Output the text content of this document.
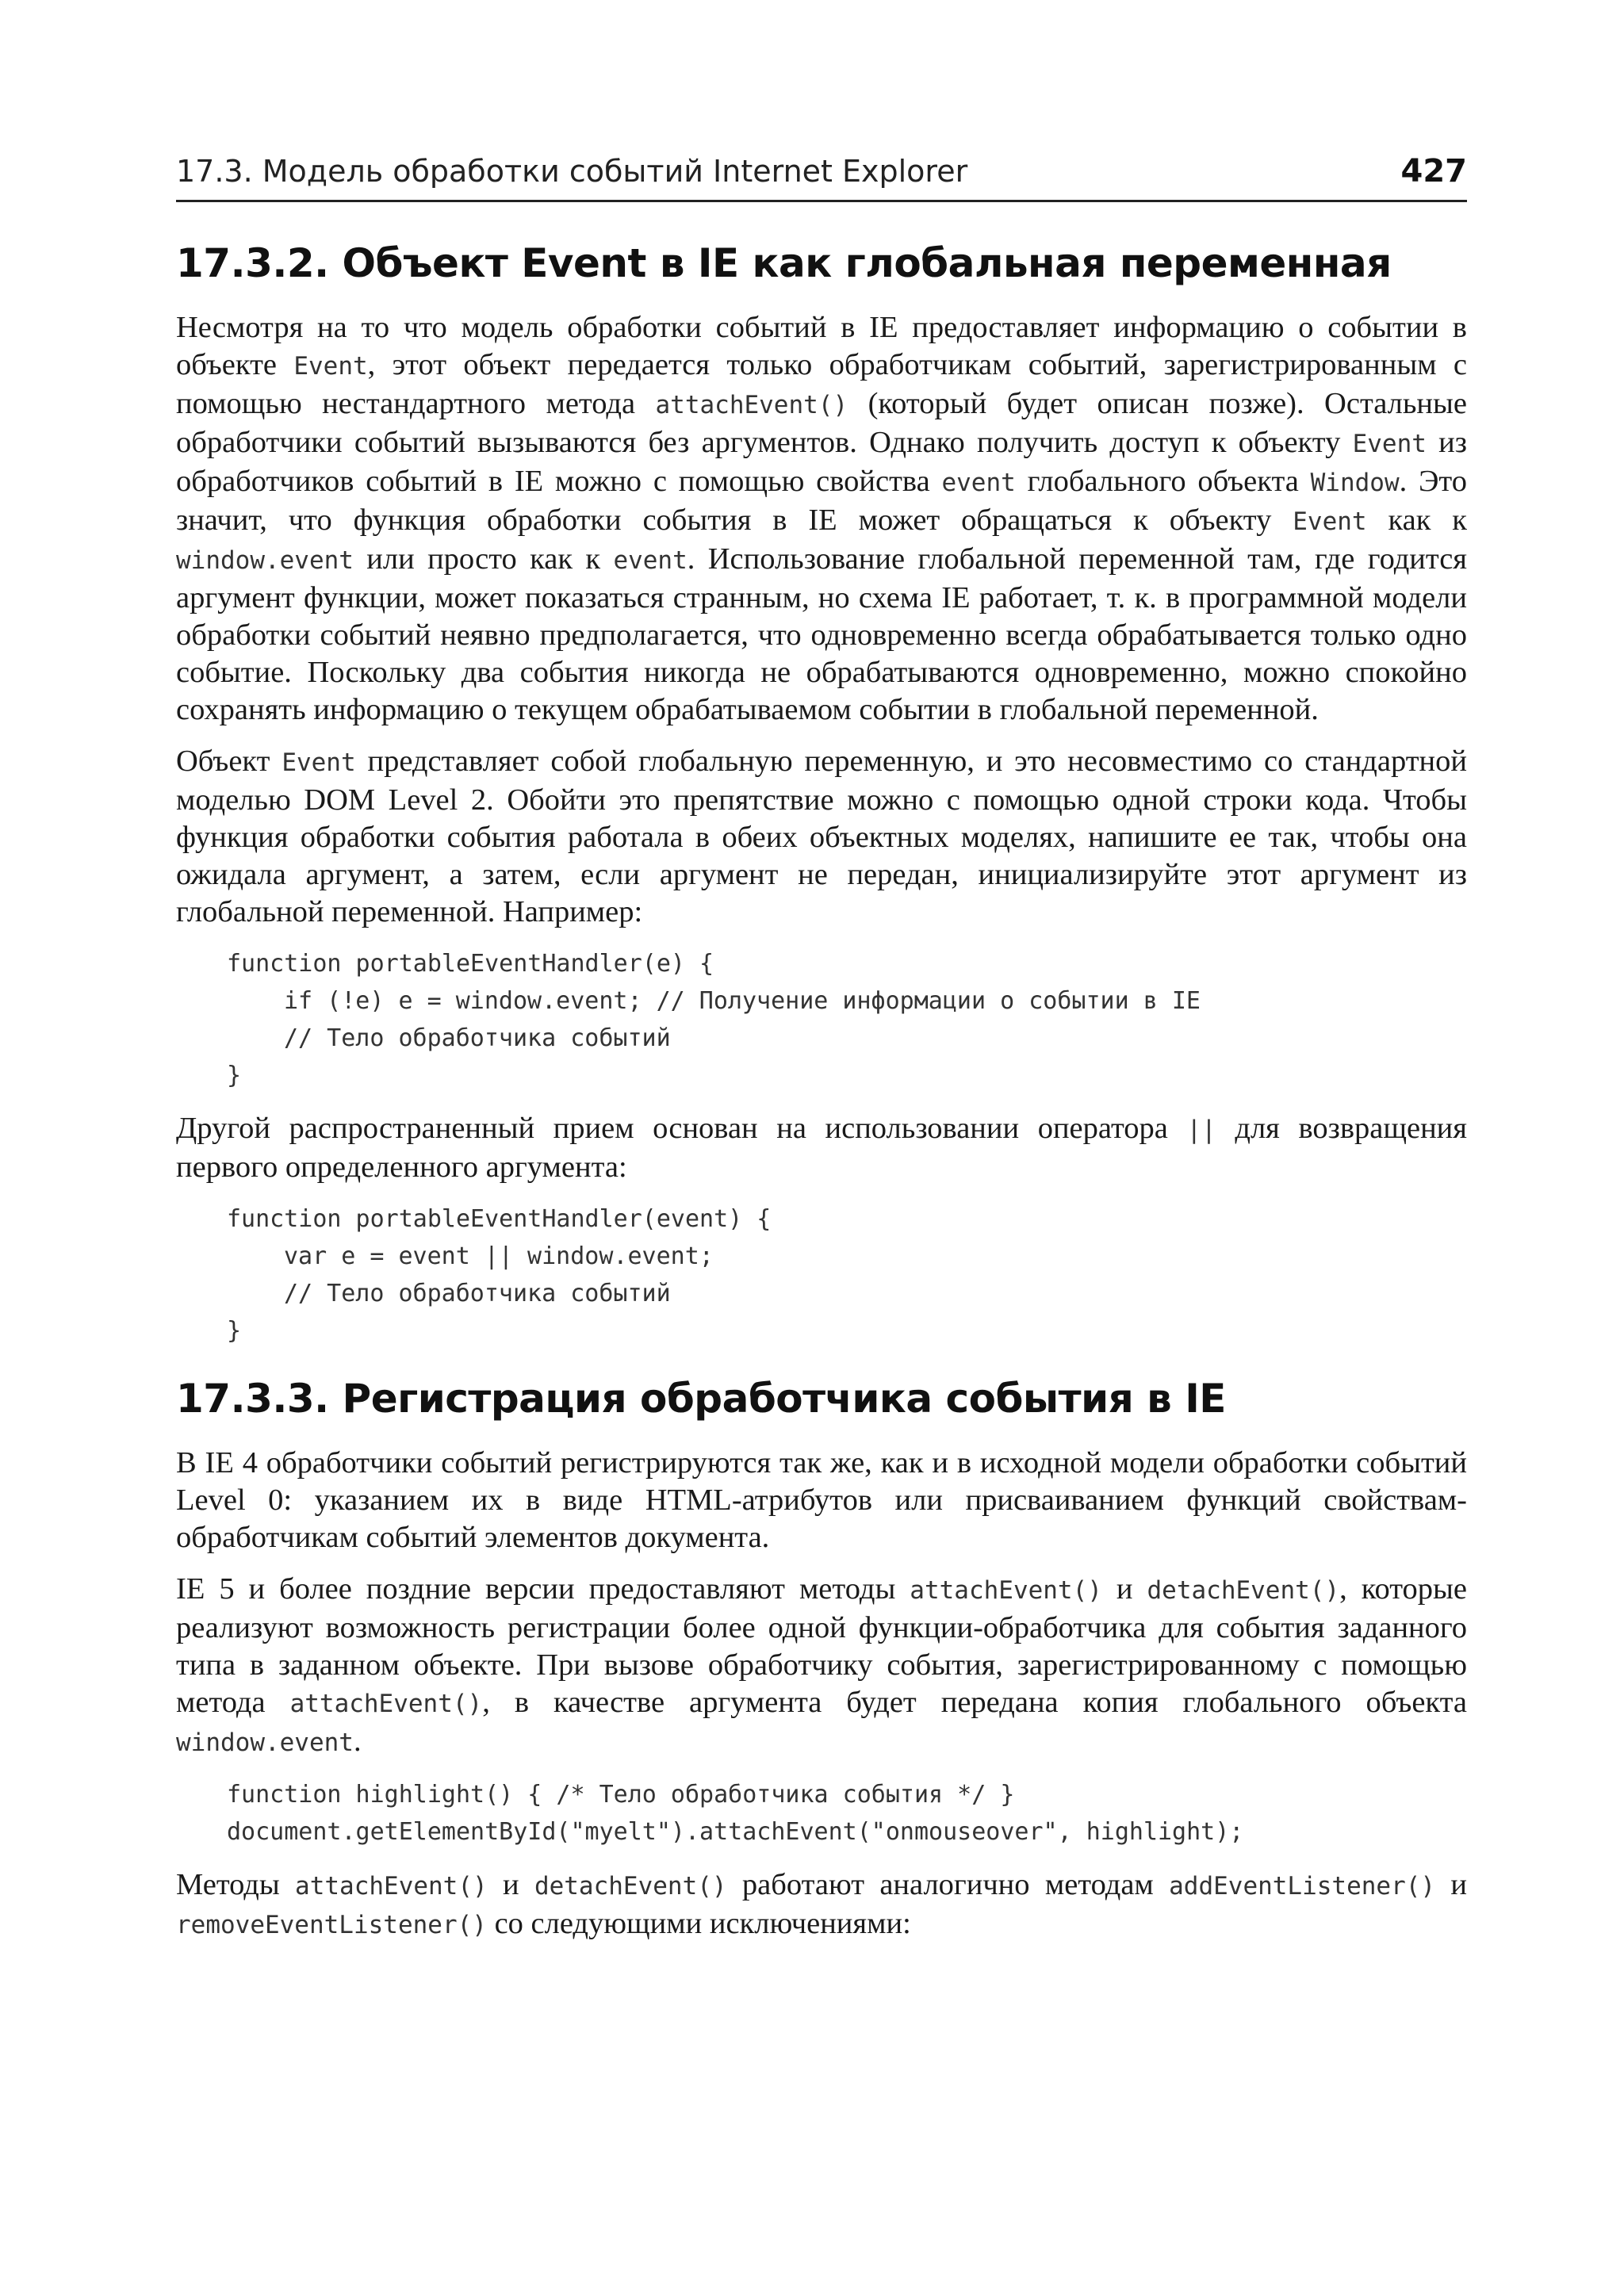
17.3. Модель обработки событий Internet Explorer	427
17.3.2. Объект Event в IE как глобальная переменная

Несмотря на то что модель обработки событий в IE предоставляет информацию о событии в объекте Event, этот объект передается только обработчикам событий, зарегистрированным с помощью нестандартного метода attachEvent() (который будет описан позже). Остальные обработчики событий вызываются без аргументов. Однако получить доступ к объекту Event из обработчиков событий в IE можно с помощью свойства event глобального объекта Window. Это значит, что функция обработки события в IE может обращаться к объекту Event как к window.event или просто как к event. Использование глобальной переменной там, где годится аргумент функции, может показаться странным, но схема IE работает, т. к. в программной модели обработки событий неявно предполагается, что одновременно всегда обрабатывается только одно событие. Поскольку два события никогда не обрабатываются одновременно, можно спокойно сохранять информацию о текущем обрабатываемом событии в глобальной переменной.

Объект Event представляет собой глобальную переменную, и это несовместимо со стандартной моделью DOM Level 2. Обойти это препятствие можно с помощью одной строки кода. Чтобы функция обработки события работала в обеих объектных моделях, напишите ее так, чтобы она ожидала аргумент, а затем, если аргумент не передан, инициализируйте этот аргумент из глобальной переменной. Например:

function portableEventHandler(e) {
if (!e) e = window.event; // Получение информации о событии в IE
// Тело обработчика событий
}

Другой распространенный прием основан на использовании оператора || для возвращения первого определенного аргумента:

function portableEventHandler(event) {
var e = event || window.event;
// Тело обработчика событий
}
17.3.3. Регистрация обработчика события в IE

В IE 4 обработчики событий регистрируются так же, как и в исходной модели обработки событий Level 0: указанием их в виде HTML-атрибутов или присваиванием функций свойствам-обработчикам событий элементов документа.

IE 5 и более поздние версии предоставляют методы attachEvent() и detachEvent(), которые реализуют возможность регистрации более одной функции-обработчика для события заданного типа в заданном объекте. При вызове обработчику события, зарегистрированному с помощью метода attachEvent(), в качестве аргумента будет передана копия глобального объекта window.event.

function highlight() { /* Тело обработчика события */ }
document.getElementById("myelt").attachEvent("onmouseover", highlight);

Методы attachEvent() и detachEvent() работают аналогично методам addEventListener() и removeEventListener() со следующими исключениями:
